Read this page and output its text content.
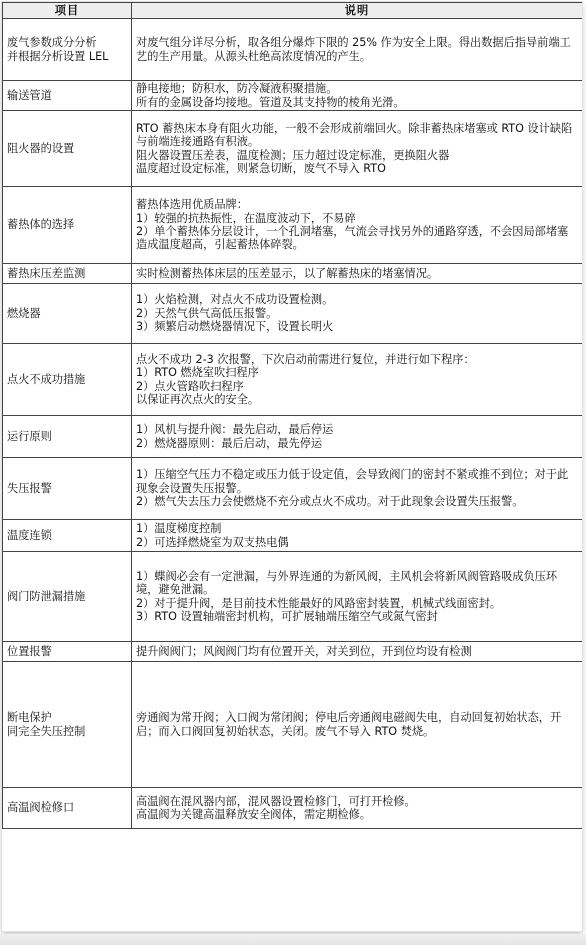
项目	说明

废气参数成分分析
并根据分析设置 LEL	对废气组分详尽分析，取各组分爆炸下限的 25% 作为安全上限。得出数据后指导前端工艺的生产用量。从源头杜绝高浓度情况的产生。

输送管道	静电接地；防积水，防冷凝液积聚措施。
所有的金属设备均接地。管道及其支持物的棱角光滑。

阻火器的设置	RTO 蓄热床本身有阻火功能，一般不会形成前端回火。除非蓄热床堵塞或 RTO 设计缺陷与前端连接通路有积液。
阻火器设置压差表，温度检测；压力超过设定标准，更换阻火器
温度超过设定标准，则紧急切断，废气不导入 RTO

蓄热体的选择	蓄热体选用优质品牌：
1）较强的抗热振性，在温度波动下，不易碎
2）单个蓄热体分层设计，一个孔洞堵塞，气流会寻找另外的通路穿透，不会因局部堵塞造成温度超高，引起蓄热体碎裂。

蓄热床压差监测	实时检测蓄热体床层的压差显示，以了解蓄热床的堵塞情况。

燃烧器	1）火焰检测，对点火不成功设置检测。
2）天然气供气高低压报警。
3）频繁启动燃烧器情况下，设置长明火

点火不成功措施	点火不成功 2-3 次报警，下次启动前需进行复位，并进行如下程序：
1）RTO 燃烧室吹扫程序
2）点火管路吹扫程序
以保证再次点火的安全。

运行原则	1）风机与提升阀：最先启动，最后停运
2）燃烧器原则：最后启动，最先停运

失压报警	1）压缩空气压力不稳定或压力低于设定值，会导致阀门的密封不紧或推不到位；对于此现象会设置失压报警。
2）燃气失去压力会使燃烧不充分或点火不成功。对于此现象会设置失压报警。

温度连锁	1）温度梯度控制
2）可选择燃烧室为双支热电偶

阀门防泄漏措施	1）蝶阀必会有一定泄漏，与外界连通的为新风阀，主风机会将新风阀管路吸成负压环境，避免泄漏。
2）对于提升阀，是目前技术性能最好的风路密封装置，机械式线面密封。
3）RTO 设置轴端密封机构，可扩展轴端压缩空气或氮气密封

位置报警	提升阀阀门；风阀阀门均有位置开关，对关到位，开到位均设有检测

断电保护
同完全失压控制	旁通阀为常开阀；入口阀为常闭阀；停电后旁通阀电磁阀失电，自动回复初始状态，开启；而入口阀回复初始状态，关闭。废气不导入 RTO 焚烧。

高温阀检修口	高温阀在混风器内部，混风器设置检修门，可打开检修。
高温阀为关键高温释放安全阀体，需定期检修。
